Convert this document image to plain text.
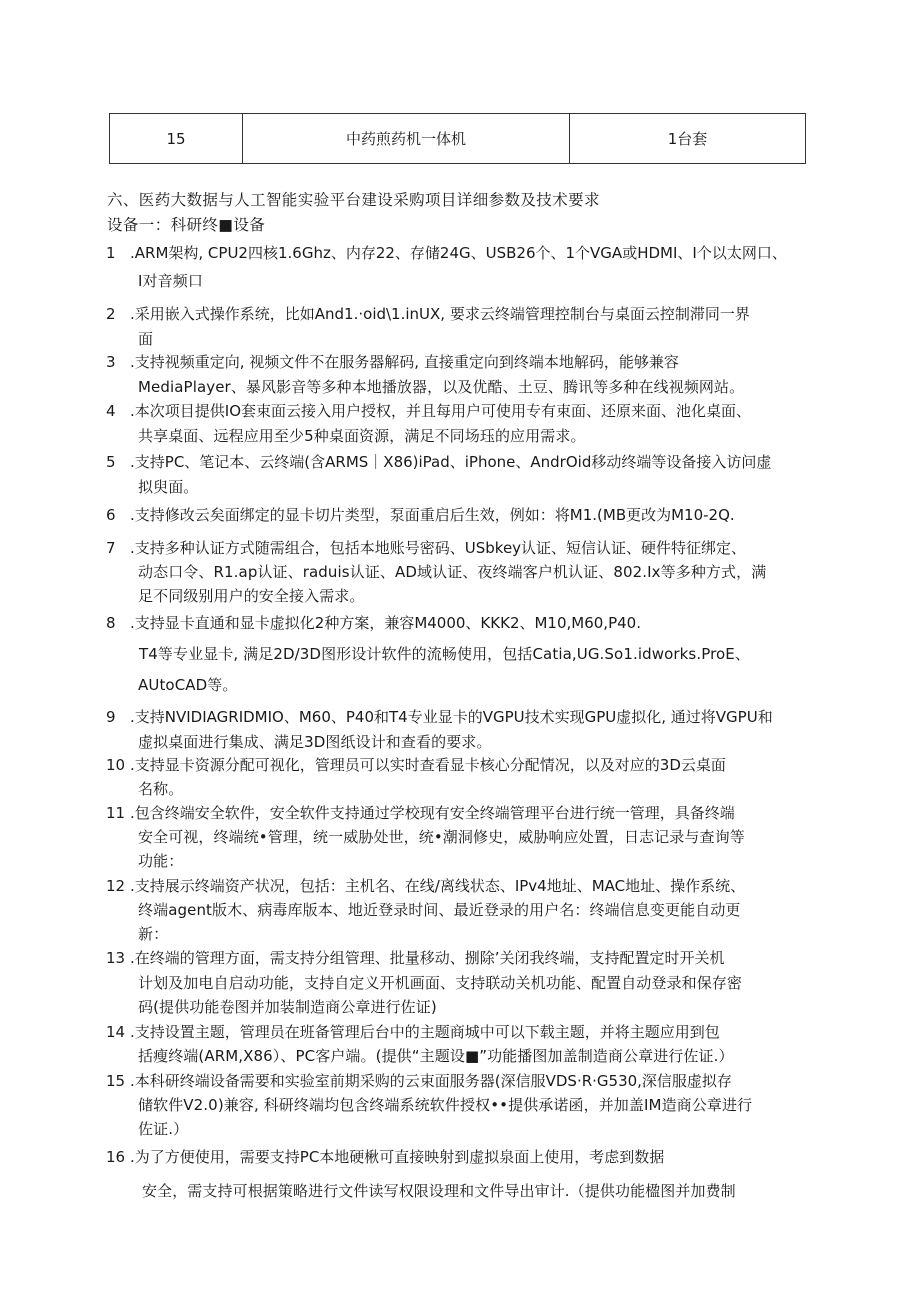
15	中药煎药机一体机	1台套
六、医药大数据与人工智能实验平台建设采购项目详细参数及技术要求
设备一：科研终■设备
1 .ARM架构, CPU2四核1.6Ghz、内存22、存储24G、USB26个、1个VGA或HDMI、I个以太网口、
I对音频口
2 .采用嵌入式操作系统，比如And1.·oid\1.inUX, 要求云终端管理控制台与桌面云控制滞同一界
面
3 .支持视频重定向, 视频文件不在服务器解码, 直接重定向到终端本地解码，能够兼容
MediaPlayer、暴风影音等多种本地播放器，以及优酷、土豆、腾讯等多种在线视频网站。
4 .本次项目提供IO套束面云接入用户授权，并且每用户可使用专有束面、还原来面、池化桌面、
共享桌面、远程应用至少5种桌面资源，满足不同场珏的应用需求。
5 .支持PC、笔记本、云终端(含ARMS｜X86)iPad、iPhone、AndrOid移动终端等设备接入访问虚
拟臾面。
6 .支持修改云矣面绑定的显卡切片类型，泵面重启后生效，例如：将M1.(MB更改为M10-2Q.
7 .支持多种认证方式随需组合，包括本地账号密码、USbkey认证、短信认证、硬件特征绑定、
动态口令、R1.ap认证、raduis认证、AD域认证、夜终端客户机认证、802.Ix等多种方式，满
足不同级别用户的安全接入需求。
8 .支持显卡直通和显卡虚拟化2种方案，兼容M4000、KKK2、M10,M60,P40.
T4等专业显卡, 满足2D/3D图形设计软件的流畅使用，包括Catia,UG.So1.idworks.ProE、
AUtoCAD等。
9 .支持NVIDIAGRIDMIO、M60、P40和T4专业显卡的VGPU技术实现GPU虚拟化, 通过将VGPU和
虚拟桌面进行集成、满足3D图纸设计和查看的要求。
10 .支持显卡资源分配可视化，管理员可以实时查看显卡核心分配情况，以及对应的3D云桌面
名称。
11 .包含终端安全软件，安全软件支持通过学校现有安全终端管理平台进行统一管理，具备终端
安全可视，终端统•管理，统一威胁处世，统•潮洞修史，威胁响应处置，日志记录与查询等
功能：
12 .支持展示终端资产状况，包括：主机名、在线/离线状态、IPv4地址、MAC地址、操作系统、
终端agent版木、病毒库版本、地近登录时间、最近登录的用户名：终端信息变更能自动更
新：
13 .在终端的管理方面，需支持分组管理、批量移动、捌除’关闭我终端，支持配置定时开关机
计划及加电自启动功能，支持自定义开机画面、支持联动关机功能、配置自动登录和保存密
码(提供功能卷图并加装制造商公章进行佐证)
14 .支持设置主题，管理员在班备管理后台中的主题商城中可以下载主题，并将主题应用到包
括瘦终端(ARM,X86）、PC客户端。(提供“主题设■”功能播图加盖制造商公章进行佐证.）
15 .本科研终端设备需要和实验室前期采购的云束面服务器(深信服VDS·R·G530,深信服虚拟存
储软件V2.0)兼容, 科研终端均包含终端系统软件授权••提供承诺函，并加盖IM造商公章进行
佐证.）
16 .为了方便使用，需要支持PC本地硬楸可直接映射到虚拟泉面上使用，考虑到数据
安全，需支持可根据策略进行文件读写权限设理和文件导出审计.（提供功能楹图并加费制
